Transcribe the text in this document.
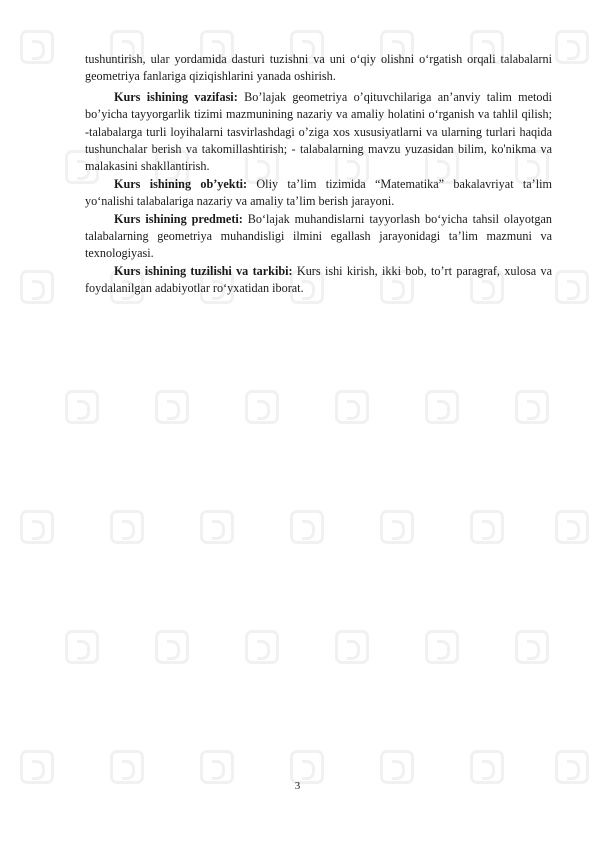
tushuntirish, ular yordamida dasturi tuzishni va uni o‘qiy olishni o‘rgatish orqali talabalarni geometriya fanlariga qiziqishlarini yanada oshirish.

Kurs ishining vazifasi: Bo’lajak geometriya o’qituvchilariga an’anviy talim metodi bo’yicha tayyorgarlik tizimi mazmunining nazariy va amaliy holatini o‘rganish va tahlil qilish; -talabalarga turli loyihalarni tasvirlashdagi o’ziga xos xususiyatlarni va ularning turlari haqida tushunchalar berish va takomillashtirish; - talabalarning mavzu yuzasidan bilim, ko'nikma va malakasini shakllantirish.

Kurs ishining ob’yekti: Oliy ta’lim tizimida “Matematika” bakalavriyat ta’lim yo‘nalishi talabalariga nazariy va amaliy ta’lim berish jarayoni.

Kurs ishining predmeti: Bo‘lajak muhandislarni tayyorlash bo‘yicha tahsil olayotgan talabalarning geometriya muhandisligi ilmini egallash jarayonidagi ta’lim mazmuni va texnologiyasi.

Kurs ishining tuzilishi va tarkibi: Kurs ishi kirish, ikki bob, to’rt paragraf, xulosa va foydalanilgan adabiyotlar ro‘yxatidan iborat.

3
